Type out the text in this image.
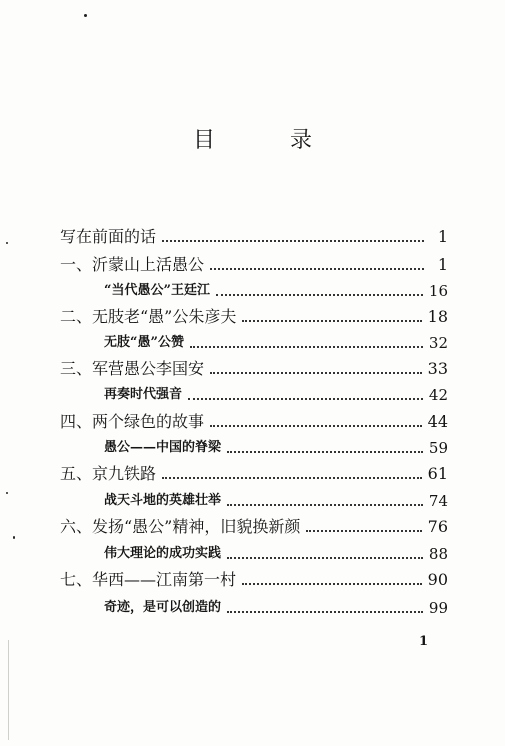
目 录
写在前面的话	1
一、沂蒙山上活愚公	1
“当代愚公”王廷江	16
二、无肢老“愚”公朱彦夫	18
无肢“愚”公赞	32
三、军营愚公李国安	33
再奏时代强音	42
四、两个绿色的故事	44
愚公——中国的脊梁	59
五、京九铁路	61
战天斗地的英雄壮举	74
六、发扬“愚公”精神，旧貌换新颜	76
伟大理论的成功实践	88
七、华西——江南第一村	90
奇迹，是可以创造的	99
1
